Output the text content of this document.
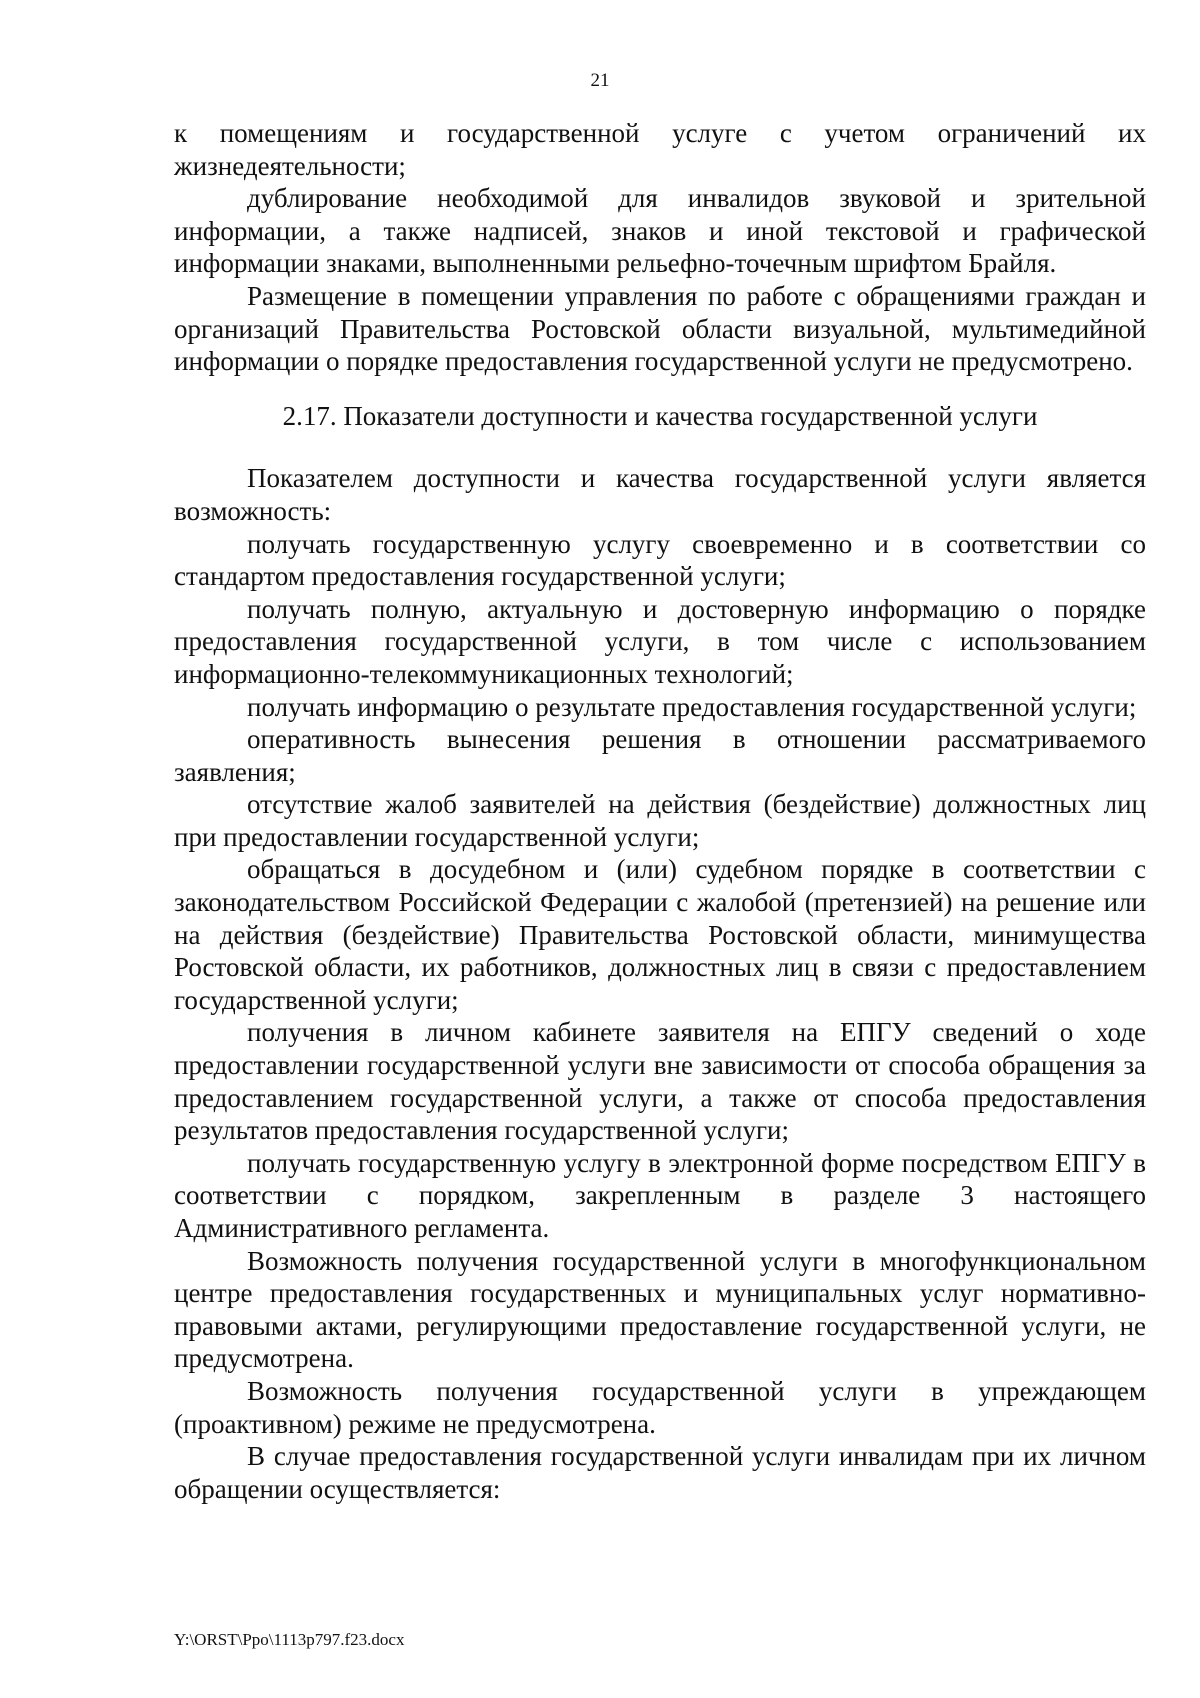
21

к помещениям и государственной услуге с учетом ограничений их жизнедеятельности;

дублирование необходимой для инвалидов звуковой и зрительной информации, а также надписей, знаков и иной текстовой и графической информации знаками, выполненными рельефно-точечным шрифтом Брайля.

Размещение в помещении управления по работе с обращениями граждан и организаций Правительства Ростовской области визуальной, мультимедийной информации о порядке предоставления государственной услуги не предусмотрено.

2.17. Показатели доступности и качества государственной услуги

Показателем доступности и качества государственной услуги является возможность:

получать государственную услугу своевременно и в соответствии со стандартом предоставления государственной услуги;

получать полную, актуальную и достоверную информацию о порядке предоставления государственной услуги, в том числе с использованием информационно-телекоммуникационных технологий;

получать информацию о результате предоставления государственной услуги;

оперативность вынесения решения в отношении рассматриваемого заявления;

отсутствие жалоб заявителей на действия (бездействие) должностных лиц при предоставлении государственной услуги;

обращаться в досудебном и (или) судебном порядке в соответствии с законодательством Российской Федерации с жалобой (претензией) на решение или на действия (бездействие) Правительства Ростовской области, минимущества Ростовской области, их работников, должностных лиц в связи с предоставлением государственной услуги;

получения в личном кабинете заявителя на ЕПГУ сведений о ходе предоставлении государственной услуги вне зависимости от способа обращения за предоставлением государственной услуги, а также от способа предоставления результатов предоставления государственной услуги;

получать государственную услугу в электронной форме посредством ЕПГУ в соответствии с порядком, закрепленным в разделе 3 настоящего Административного регламента.

Возможность получения государственной услуги в многофункциональном центре предоставления государственных и муниципальных услуг нормативно-правовыми актами, регулирующими предоставление государственной услуги, не предусмотрена.

Возможность получения государственной услуги в упреждающем (проактивном) режиме не предусмотрена.

В случае предоставления государственной услуги инвалидам при их личном обращении осуществляется:

Y:\ORST\Ppo\1113p797.f23.docx
